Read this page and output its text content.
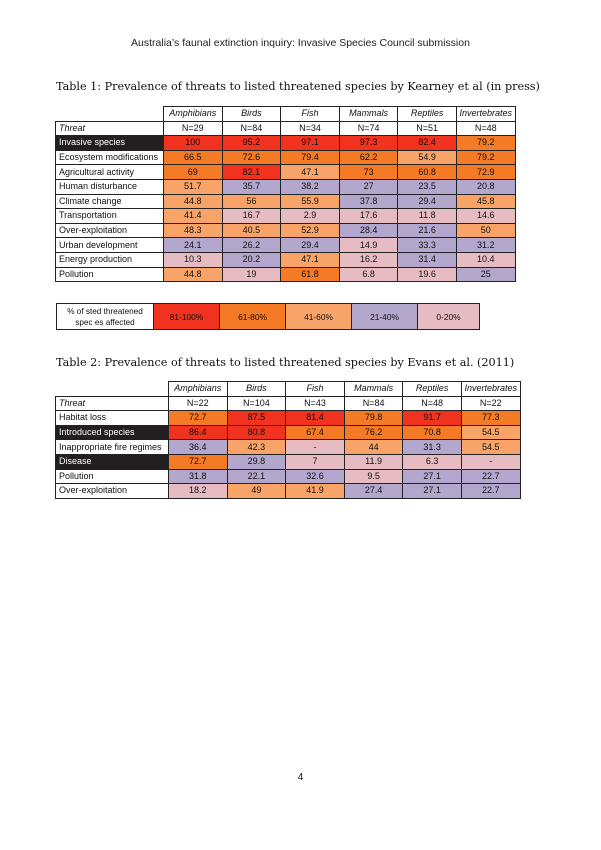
Australia’s faunal extinction inquiry: Invasive Species Council submission
Table 1: Prevalence of threats to listed threatened species by Kearney et al (in press)
	Amphibians	Birds	Fish	Mammals	Reptiles	Invertebrates
Threat	N=29	N=84	N=34	N=74	N=51	N=48
Invasive species	100	95.2	97.1	97.3	82.4	79.2
Ecosystem modifications	66.5	72.6	79.4	62.2	54.9	79.2
Agricultural activity	69	82.1	47.1	73	60.8	72.9
Human disturbance	51.7	35.7	38.2	27	23.5	20.8
Climate change	44.8	56	55.9	37.8	29.4	45.8
Transportation	41.4	16.7	2.9	17.6	11.8	14.6
Over-exploitation	48.3	40.5	52.9	28.4	21.6	50
Urban development	24.1	26.2	29.4	14.9	33.3	31.2
Energy production	10.3	20.2	47.1	16.2	31.4	10.4
Pollution	44.8	19	61.8	6.8	19.6	25
% of sted threatened
spec es affected
	81-100%	61-80%	41-60%	21-40%	0-20%
Table 2: Prevalence of threats to listed threatened species by Evans et al. (2011)
	Amphibians	Birds	Fish	Mammals	Reptiles	Invertebrates
Threat	N=22	N=104	N=43	N=84	N=48	N=22
Habitat loss	72.7	87.5	81.4	79.8	91.7	77.3
Introduced species	86.4	80.8	67.4	76.2	70.8	54.5
Inappropriate fire regimes	36.4	42.3	-	44	31.3	54.5
Disease	72.7	29.8	7	11.9	6.3	-
Pollution	31.8	22.1	32.6	9.5	27.1	22.7
Over-exploitation	18.2	49	41.9	27.4	27.1	22.7
4
